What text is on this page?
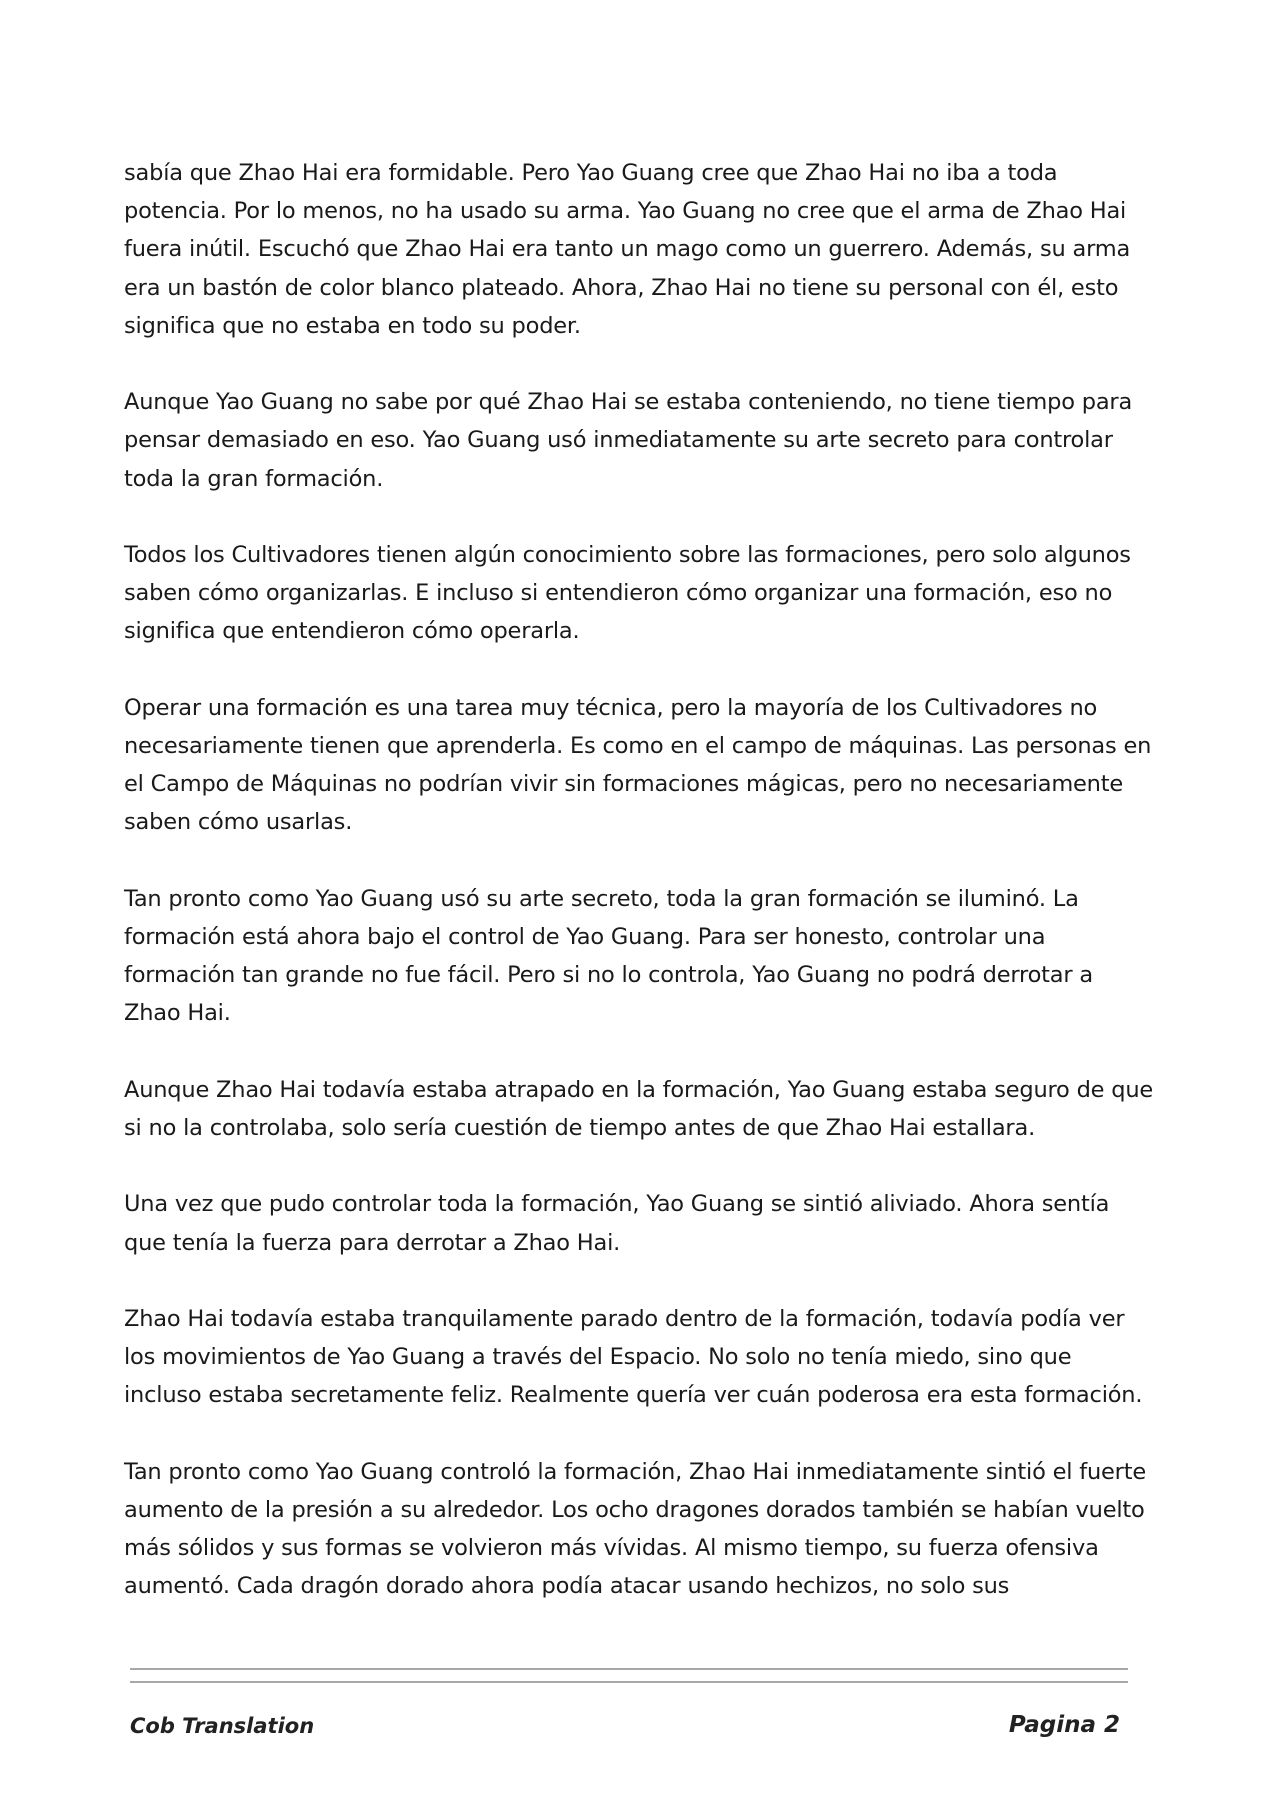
sabía que Zhao Hai era formidable. Pero Yao Guang cree que Zhao Hai no iba a toda potencia. Por lo menos, no ha usado su arma. Yao Guang no cree que el arma de Zhao Hai fuera inútil. Escuchó que Zhao Hai era tanto un mago como un guerrero. Además, su arma era un bastón de color blanco plateado. Ahora, Zhao Hai no tiene su personal con él, esto significa que no estaba en todo su poder.

Aunque Yao Guang no sabe por qué Zhao Hai se estaba conteniendo, no tiene tiempo para pensar demasiado en eso. Yao Guang usó inmediatamente su arte secreto para controlar toda la gran formación.

Todos los Cultivadores tienen algún conocimiento sobre las formaciones, pero solo algunos saben cómo organizarlas. E incluso si entendieron cómo organizar una formación, eso no significa que entendieron cómo operarla.

Operar una formación es una tarea muy técnica, pero la mayoría de los Cultivadores no necesariamente tienen que aprenderla. Es como en el campo de máquinas. Las personas en el Campo de Máquinas no podrían vivir sin formaciones mágicas, pero no necesariamente saben cómo usarlas.

Tan pronto como Yao Guang usó su arte secreto, toda la gran formación se iluminó. La formación está ahora bajo el control de Yao Guang. Para ser honesto, controlar una formación tan grande no fue fácil. Pero si no lo controla, Yao Guang no podrá derrotar a Zhao Hai.

Aunque Zhao Hai todavía estaba atrapado en la formación, Yao Guang estaba seguro de que si no la controlaba, solo sería cuestión de tiempo antes de que Zhao Hai estallara.

Una vez que pudo controlar toda la formación, Yao Guang se sintió aliviado. Ahora sentía que tenía la fuerza para derrotar a Zhao Hai.

Zhao Hai todavía estaba tranquilamente parado dentro de la formación, todavía podía ver los movimientos de Yao Guang a través del Espacio. No solo no tenía miedo, sino que incluso estaba secretamente feliz. Realmente quería ver cuán poderosa era esta formación.

Tan pronto como Yao Guang controló la formación, Zhao Hai inmediatamente sintió el fuerte aumento de la presión a su alrededor. Los ocho dragones dorados también se habían vuelto más sólidos y sus formas se volvieron más vívidas. Al mismo tiempo, su fuerza ofensiva aumentó. Cada dragón dorado ahora podía atacar usando hechizos, no solo sus

Cob Translation	Pagina 2
